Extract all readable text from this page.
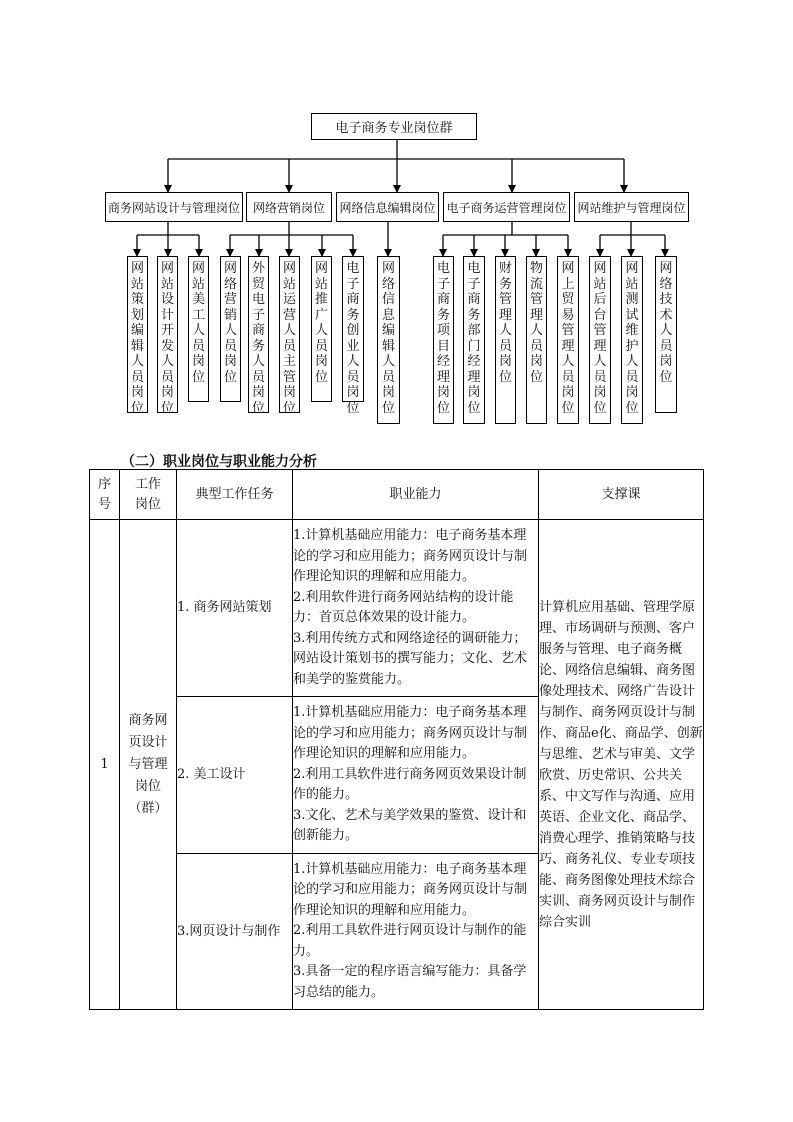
电子商务专业岗位群
商务网站设计与管理岗位 网络营销岗位 网络信息编辑岗位 电子商务运营管理岗位 网站维护与管理岗位
网
站
策
划
编
辑
人
员
岗
位
网
站
设
计
开
发
人
员
岗
位
网
站
美
工
人
员
岗
位
网
络
营
销
人
员
岗
位
外
贸
电
子
商
务
人
员
岗
位
网
站
运
营
人
员
主
管
岗
位
网
站
推
广
人
员
岗
位
电
子
商
务
创
业
人
员
岗
位
网
络
信
息
编
辑
人
员
岗
位
电
子
商
务
项
目
经
理
岗
位
电
子
商
务
部
门
经
理
岗
位
财
务
管
理
人
员
岗
位
物
流
管
理
人
员
岗
位
网
上
贸
易
管
理
人
员
岗
位
网
站
后
台
管
理
人
员
岗
位
网
站
测
试
维
护
人
员
岗
位
网
络
技
术
人
员
岗
位
（二）职业岗位与职业能力分析
序号	工作岗位	典型工作任务	职业能力	支撑课
1	商务网页设计与管理岗位（群）	1. 商务网站策划	1.计算机基础应用能力：电子商务基本理论的学习和应用能力；商务网页设计与制作理论知识的理解和应用能力。
2.利用软件进行商务网站结构的设计能力：首页总体效果的设计能力。
3.利用传统方式和网络途径的调研能力；网站设计策划书的撰写能力；文化、艺术和美学的鉴赏能力。	计算机应用基础、管理学原理、市场调研与预测、客户服务与管理、电子商务概论、网络信息编辑、商务图像处理技术、网络广告设计与制作、商务网页设计与制作、商品e化、商品学、创新与思维、艺术与审美、文学欣赏、历史常识、公共关系、中文写作与沟通、应用英语、企业文化、商品学、消费心理学、推销策略与技巧、商务礼仪、专业专项技能、商务图像处理技术综合实训、商务网页设计与制作综合实训
		2. 美工设计	1.计算机基础应用能力：电子商务基本理论的学习和应用能力；商务网页设计与制作理论知识的理解和应用能力。
2.利用工具软件进行商务网页效果设计制作的能力。
3.文化、艺术与美学效果的鉴赏、设计和创新能力。	

		3.网页设计与制作	1.计算机基础应用能力：电子商务基本理论的学习和应用能力；商务网页设计与制作理论知识的理解和应用能力。
2.利用工具软件进行网页设计与制作的能力。
3.具备一定的程序语言编写能力：具备学习总结的能力。	
